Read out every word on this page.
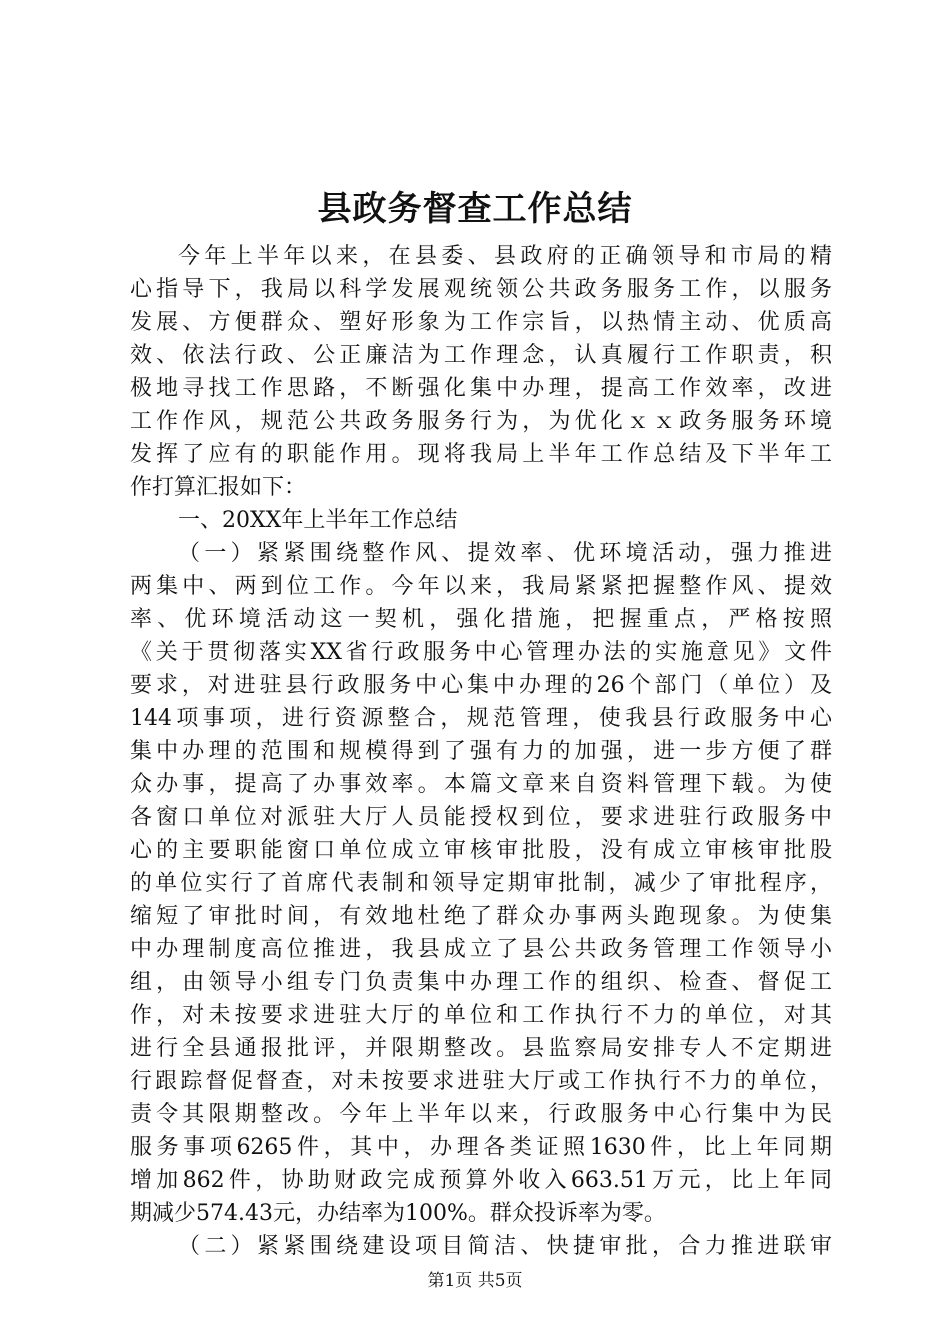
县政务督查工作总结
今年上半年以来，在县委、县政府的正确领导和市局的精
心指导下，我局以科学发展观统领公共政务服务工作，以服务
发展、方便群众、塑好形象为工作宗旨，以热情主动、优质高
效、依法行政、公正廉洁为工作理念，认真履行工作职责，积
极地寻找工作思路，不断强化集中办理，提高工作效率，改进
工作作风，规范公共政务服务行为，为优化ｘｘ政务服务环境
发挥了应有的职能作用。现将我局上半年工作总结及下半年工
作打算汇报如下：
一、20XX年上半年工作总结
（一）紧紧围绕整作风、提效率、优环境活动，强力推进
两集中、两到位工作。今年以来，我局紧紧把握整作风、提效
率、优环境活动这一契机，强化措施，把握重点，严格按照
《关于贯彻落实XX省行政服务中心管理办法的实施意见》文件
要求，对进驻县行政服务中心集中办理的26个部门（单位）及
144项事项，进行资源整合，规范管理，使我县行政服务中心
集中办理的范围和规模得到了强有力的加强，进一步方便了群
众办事，提高了办事效率。本篇文章来自资料管理下载。为使
各窗口单位对派驻大厅人员能授权到位，要求进驻行政服务中
心的主要职能窗口单位成立审核审批股，没有成立审核审批股
的单位实行了首席代表制和领导定期审批制，减少了审批程序，
缩短了审批时间，有效地杜绝了群众办事两头跑现象。为使集
中办理制度高位推进，我县成立了县公共政务管理工作领导小
组，由领导小组专门负责集中办理工作的组织、检查、督促工
作，对未按要求进驻大厅的单位和工作执行不力的单位，对其
进行全县通报批评，并限期整改。县监察局安排专人不定期进
行跟踪督促督查，对未按要求进驻大厅或工作执行不力的单位，
责令其限期整改。今年上半年以来，行政服务中心行集中为民
服务事项6265件，其中，办理各类证照1630件，比上年同期
增加862件，协助财政完成预算外收入663.51万元，比上年同
期减少574.43元，办结率为100%。群众投诉率为零。
（二）紧紧围绕建设项目简洁、快捷审批，合力推进联审
第1页 共5页
